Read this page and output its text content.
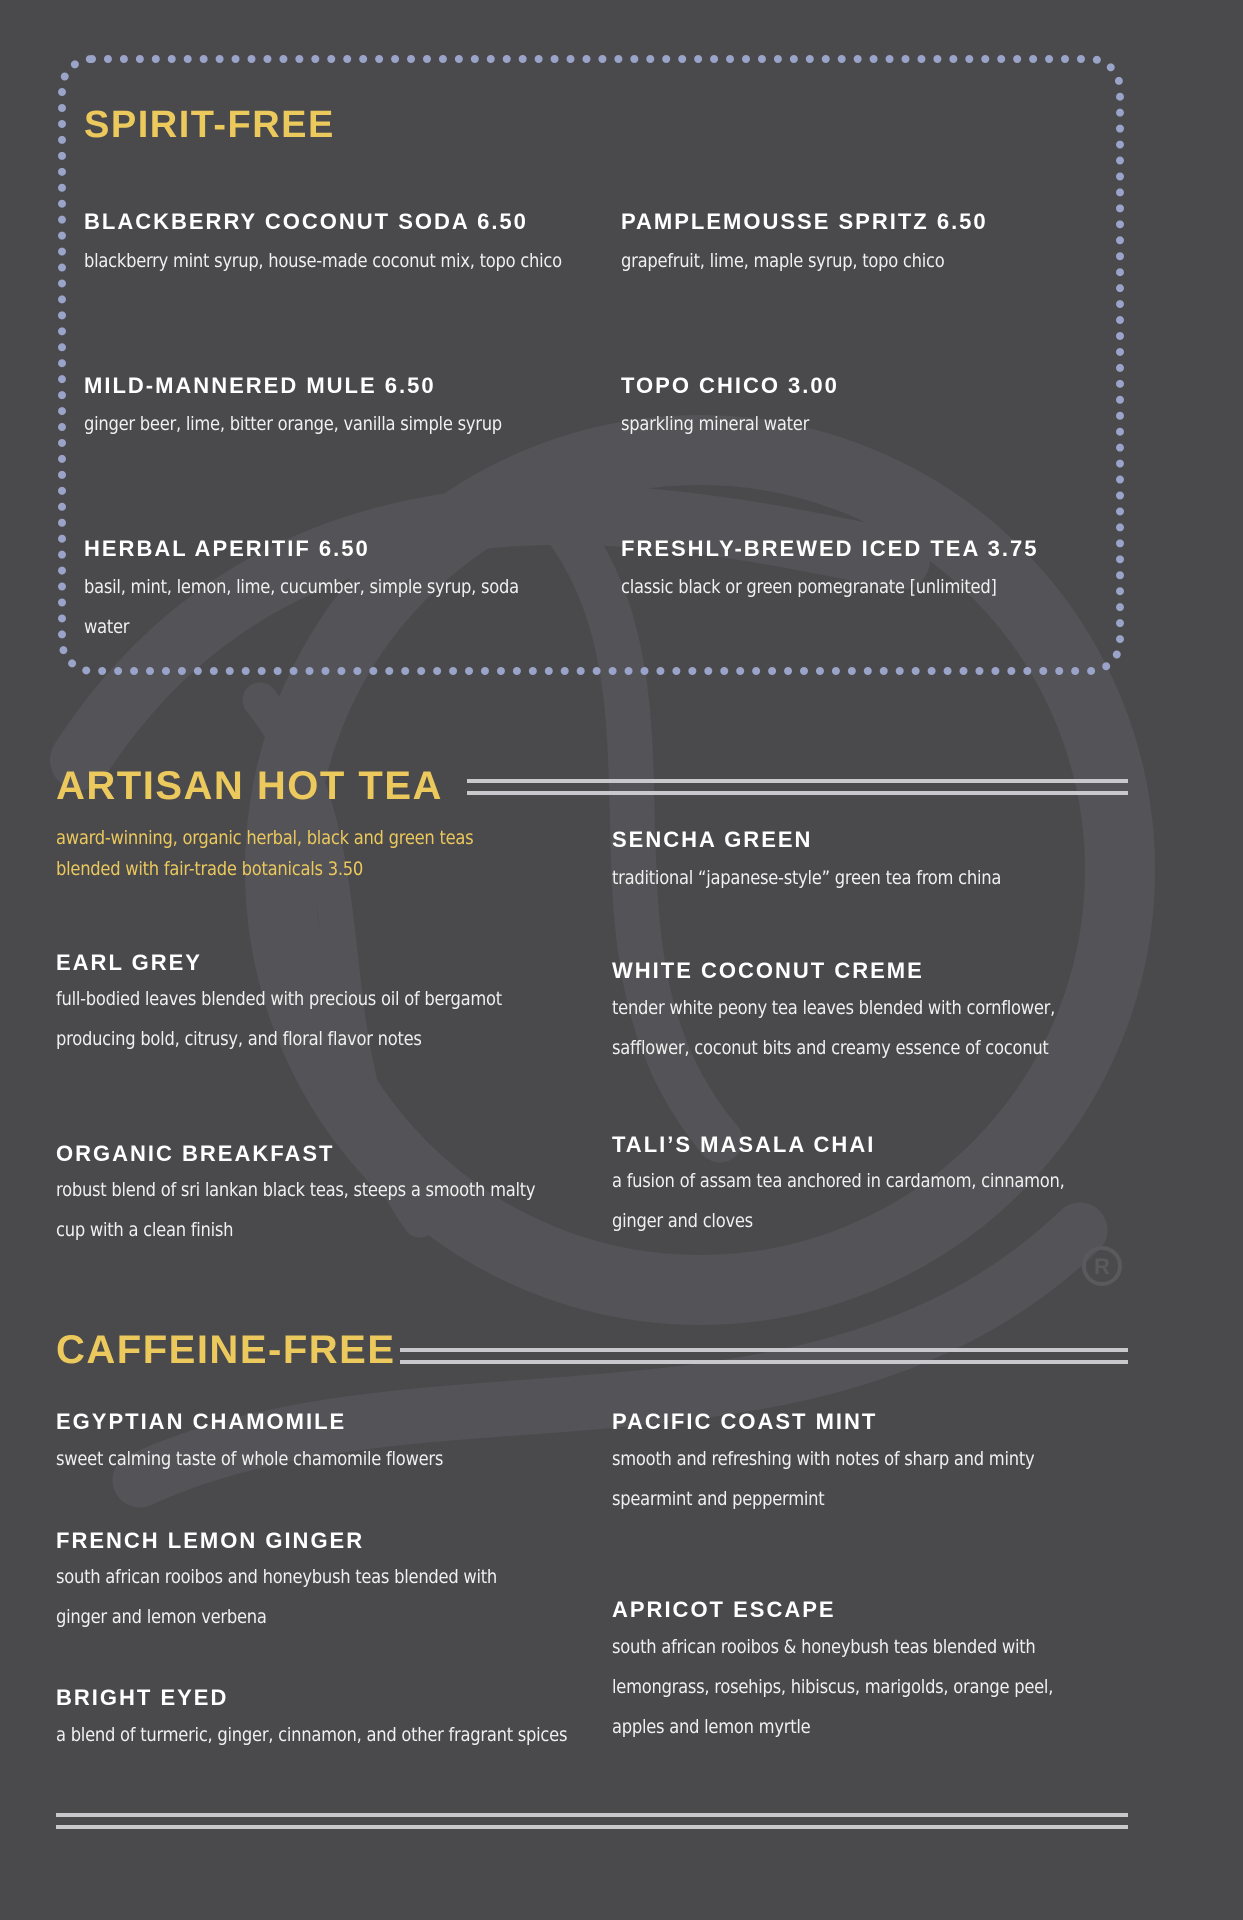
R
SPIRIT-FREE
BLACKBERRY COCONUT SODA 6.50
blackberry mint syrup, house-made coconut mix, topo chico
PAMPLEMOUSSE SPRITZ 6.50
grapefruit, lime, maple syrup, topo chico
MILD-MANNERED MULE 6.50
ginger beer, lime, bitter orange, vanilla simple syrup
TOPO CHICO 3.00
sparkling mineral water
HERBAL APERITIF 6.50
basil, mint, lemon, lime, cucumber, simple syrup, soda water
FRESHLY-BREWED ICED TEA 3.75
classic black or green pomegranate [unlimited]
ARTISAN HOT TEA
award-winning, organic herbal, black and green teas blended with fair-trade botanicals 3.50
SENCHA GREEN
traditional “japanese-style” green tea from china
EARL GREY
full-bodied leaves blended with precious oil of bergamot producing bold, citrusy, and floral flavor notes
WHITE COCONUT CREME
tender white peony tea leaves blended with cornflower, safflower, coconut bits and creamy essence of coconut
ORGANIC BREAKFAST
robust blend of sri lankan black teas, steeps a smooth malty cup with a clean finish
TALI’S MASALA CHAI
a fusion of assam tea anchored in cardamom, cinnamon, ginger and cloves
CAFFEINE-FREE
EGYPTIAN CHAMOMILE
sweet calming taste of whole chamomile flowers
PACIFIC COAST MINT
smooth and refreshing with notes of sharp and minty spearmint and peppermint
FRENCH LEMON GINGER
south african rooibos and honeybush teas blended with ginger and lemon verbena	APRICOT ESCAPE
south african rooibos & honeybush teas blended with lemongrass, rosehips, hibiscus, marigolds, orange peel, apples and lemon myrtle
BRIGHT EYED
a blend of turmeric, ginger, cinnamon, and other fragrant spices
